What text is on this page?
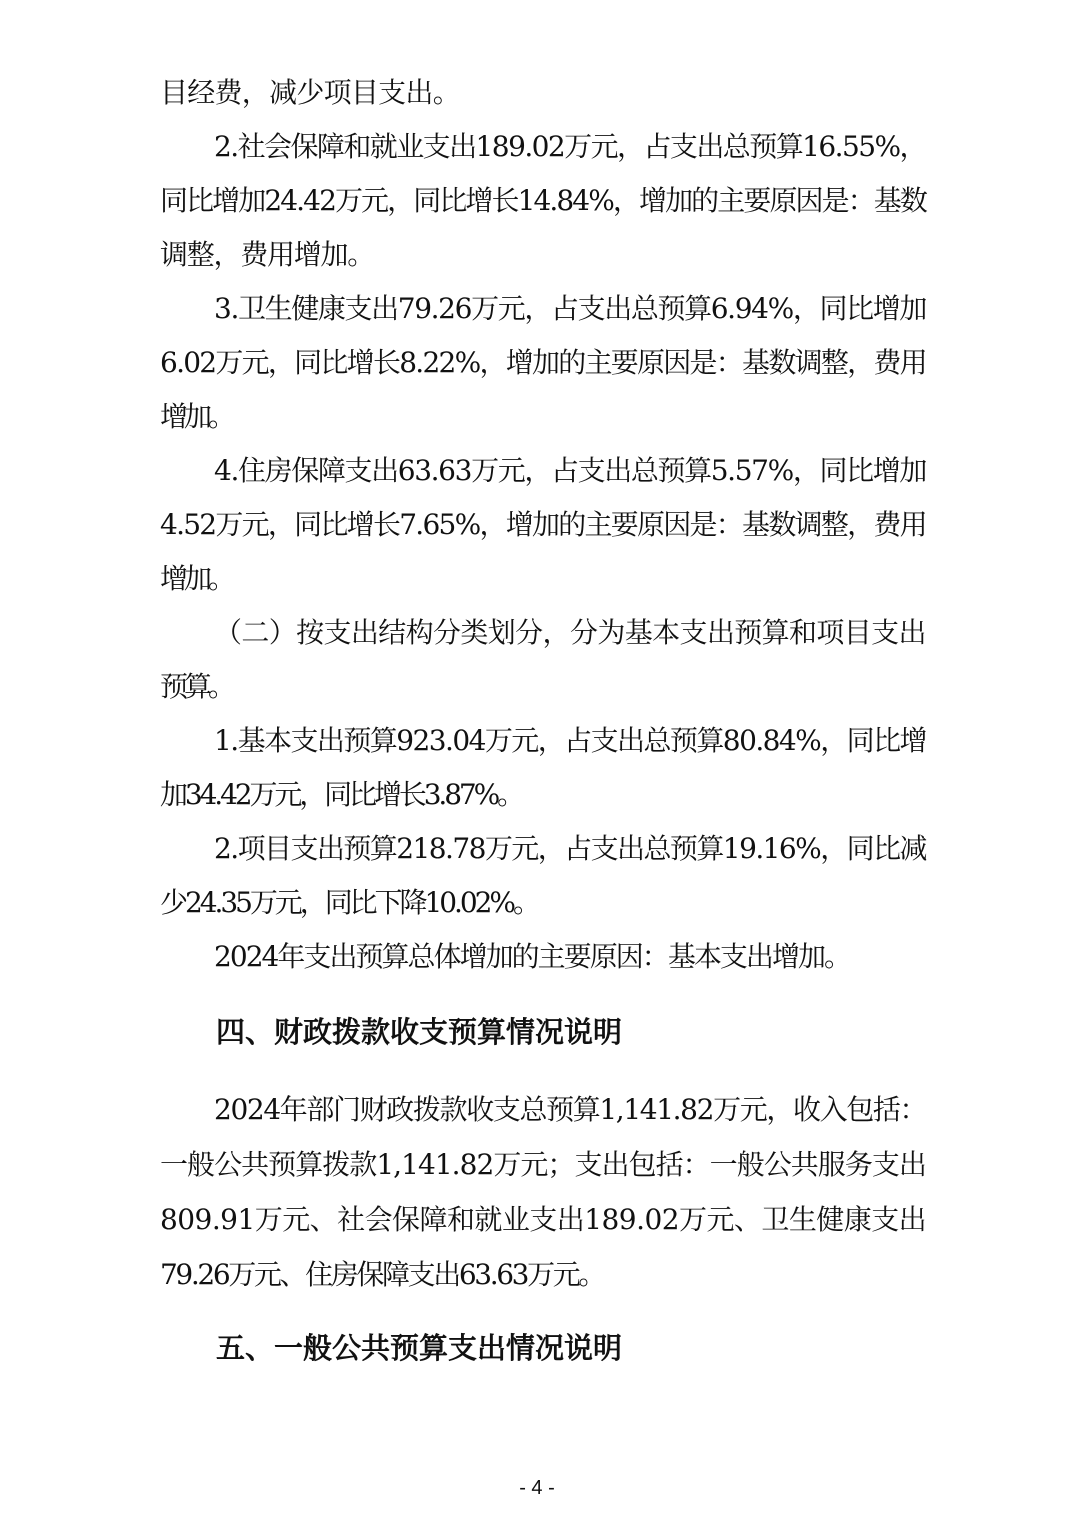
目经费，减少项目支出。

2.社会保障和就业支出189.02万元，占支出总预算16.55%，

同比增加24.42万元，同比增长14.84%，增加的主要原因是：基数

调整，费用增加。

3.卫生健康支出79.26万元，占支出总预算6.94%，同比增加

6.02万元，同比增长8.22%，增加的主要原因是：基数调整，费用

增加。

4.住房保障支出63.63万元，占支出总预算5.57%，同比增加

4.52万元，同比增长7.65%，增加的主要原因是：基数调整，费用

增加。

（二）按支出结构分类划分，分为基本支出预算和项目支出

预算。

1.基本支出预算923.04万元，占支出总预算80.84%，同比增

加34.42万元，同比增长3.87%。

2.项目支出预算218.78万元，占支出总预算19.16%，同比减

少24.35万元，同比下降10.02%。

2024年支出预算总体增加的主要原因：基本支出增加。

四、财政拨款收支预算情况说明

2024年部门财政拨款收支总预算1,141.82万元，收入包括：

一般公共预算拨款1,141.82万元；支出包括：一般公共服务支出

809.91万元、社会保障和就业支出189.02万元、卫生健康支出

79.26万元、住房保障支出63.63万元。

五、一般公共预算支出情况说明
- 4 -
